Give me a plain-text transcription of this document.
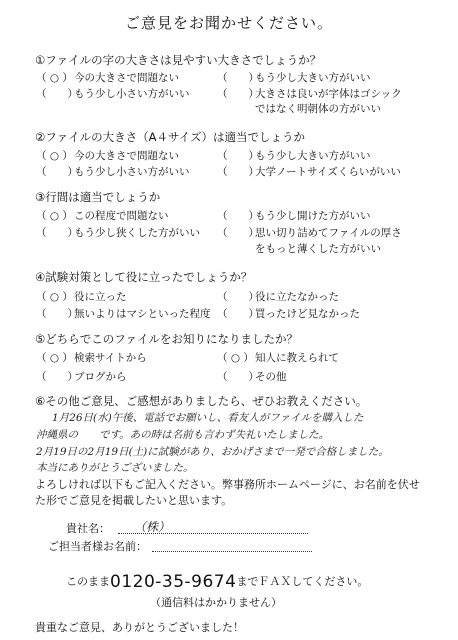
ご意見をお聞かせください。
①ファイルの字の大きさは見やすい大きさでしょうか？
（ ○ ）今の大きさで問題ない	（　　）もう少し大きい方がいい
（　　）もう少し小さい方がいい	（　　）大きさは良いが字体はゴシック
ではなく明朝体の方がいい
②ファイルの大きさ（A４サイズ）は適当でしょうか
（ ○ ）今の大きさで問題ない	（　　）もう少し大きい方がいい
（　　）もう少し小さい方がいい	（　　）大学ノートサイズくらいがいい
③行間は適当でしょうか
（ ○ ）この程度で問題ない	（　　）もう少し開けた方がいい
（　　）もう少し狭くした方がいい （　　）思い切り詰めてファイルの厚さ
をもっと薄くした方がいい
④試験対策として役に立ったでしょうか？
（ ○ ）役に立った	（　　）役に立たなかった
（　　）無いよりはマシといった程度 （　　）買ったけど見なかった
⑤どちらでこのファイルをお知りになりましたか？
（ ○ ）検索サイトから	（ ○ ）知人に教えられて
（　　）ブログから	（　　）その他
⑥その他ご意見、ご感想がありましたら、ぜひお教えください。
1月26日(水)午後、電話でお願いし、看友人がファイルを購入した
沖縄県の　　です。あの時は名前も言わず失礼いたしました。
2月19日の2月19日(土)に試験があり、おかげさまで一発で合格しました。
本当にありがとうございました。
よろしければ以下もご記入ください。弊事務所ホームページに、お名前を伏せ
た形でご意見を掲載したいと思います。
貴社名： （株）
ご担当者様お名前：
このまま0120-35-9674までＦＡＸしてください。
（通信料はかかりません）
貴重なご意見、ありがとうございました！
